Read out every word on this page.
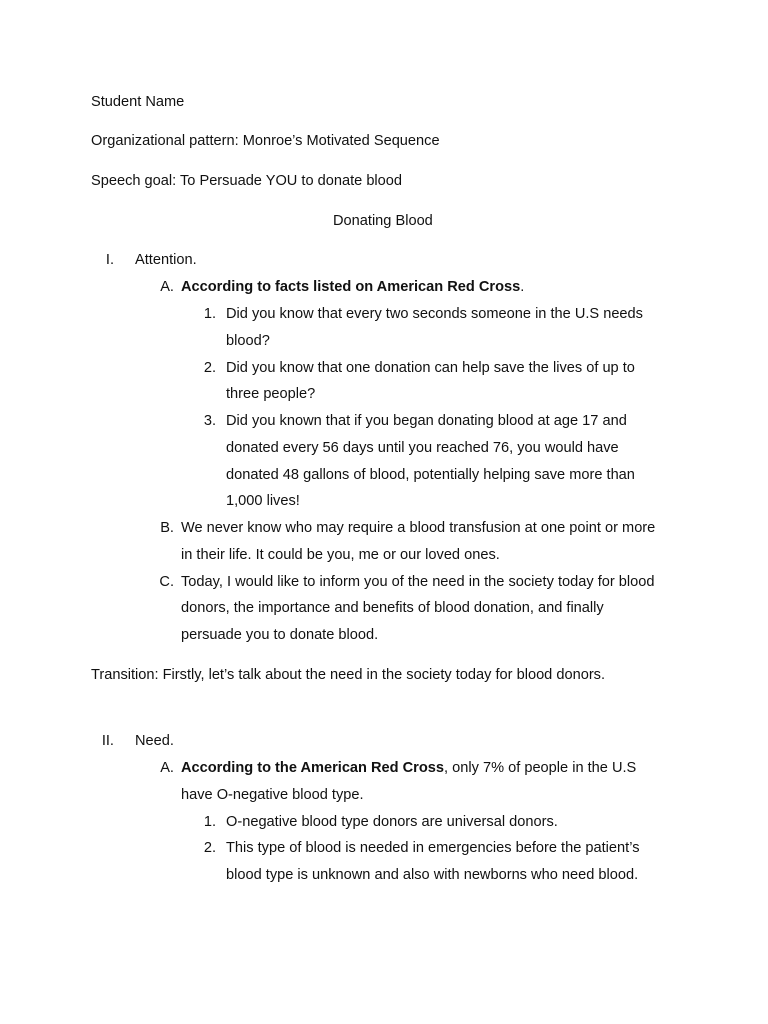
Student Name
Organizational pattern: Monroe’s Motivated Sequence
Speech goal: To Persuade YOU to donate blood
Donating Blood
I. Attention.
A. According to facts listed on American Red Cross.
1. Did you know that every two seconds someone in the U.S needs
blood?
2. Did you know that one donation can help save the lives of up to
three people?
3. Did you known that if you began donating blood at age 17 and
donated every 56 days until you reached 76, you would have
donated 48 gallons of blood, potentially helping save more than
1,000 lives!
B. We never know who may require a blood transfusion at one point or more
in their life. It could be you, me or our loved ones.
C. Today, I would like to inform you of the need in the society today for blood
donors, the importance and benefits of blood donation, and finally
persuade you to donate blood.
Transition: Firstly, let’s talk about the need in the society today for blood donors.
II. Need.
A. According to the American Red Cross, only 7% of people in the U.S
have O-negative blood type.
1. O-negative blood type donors are universal donors.
2. This type of blood is needed in emergencies before the patient’s
blood type is unknown and also with newborns who need blood.
